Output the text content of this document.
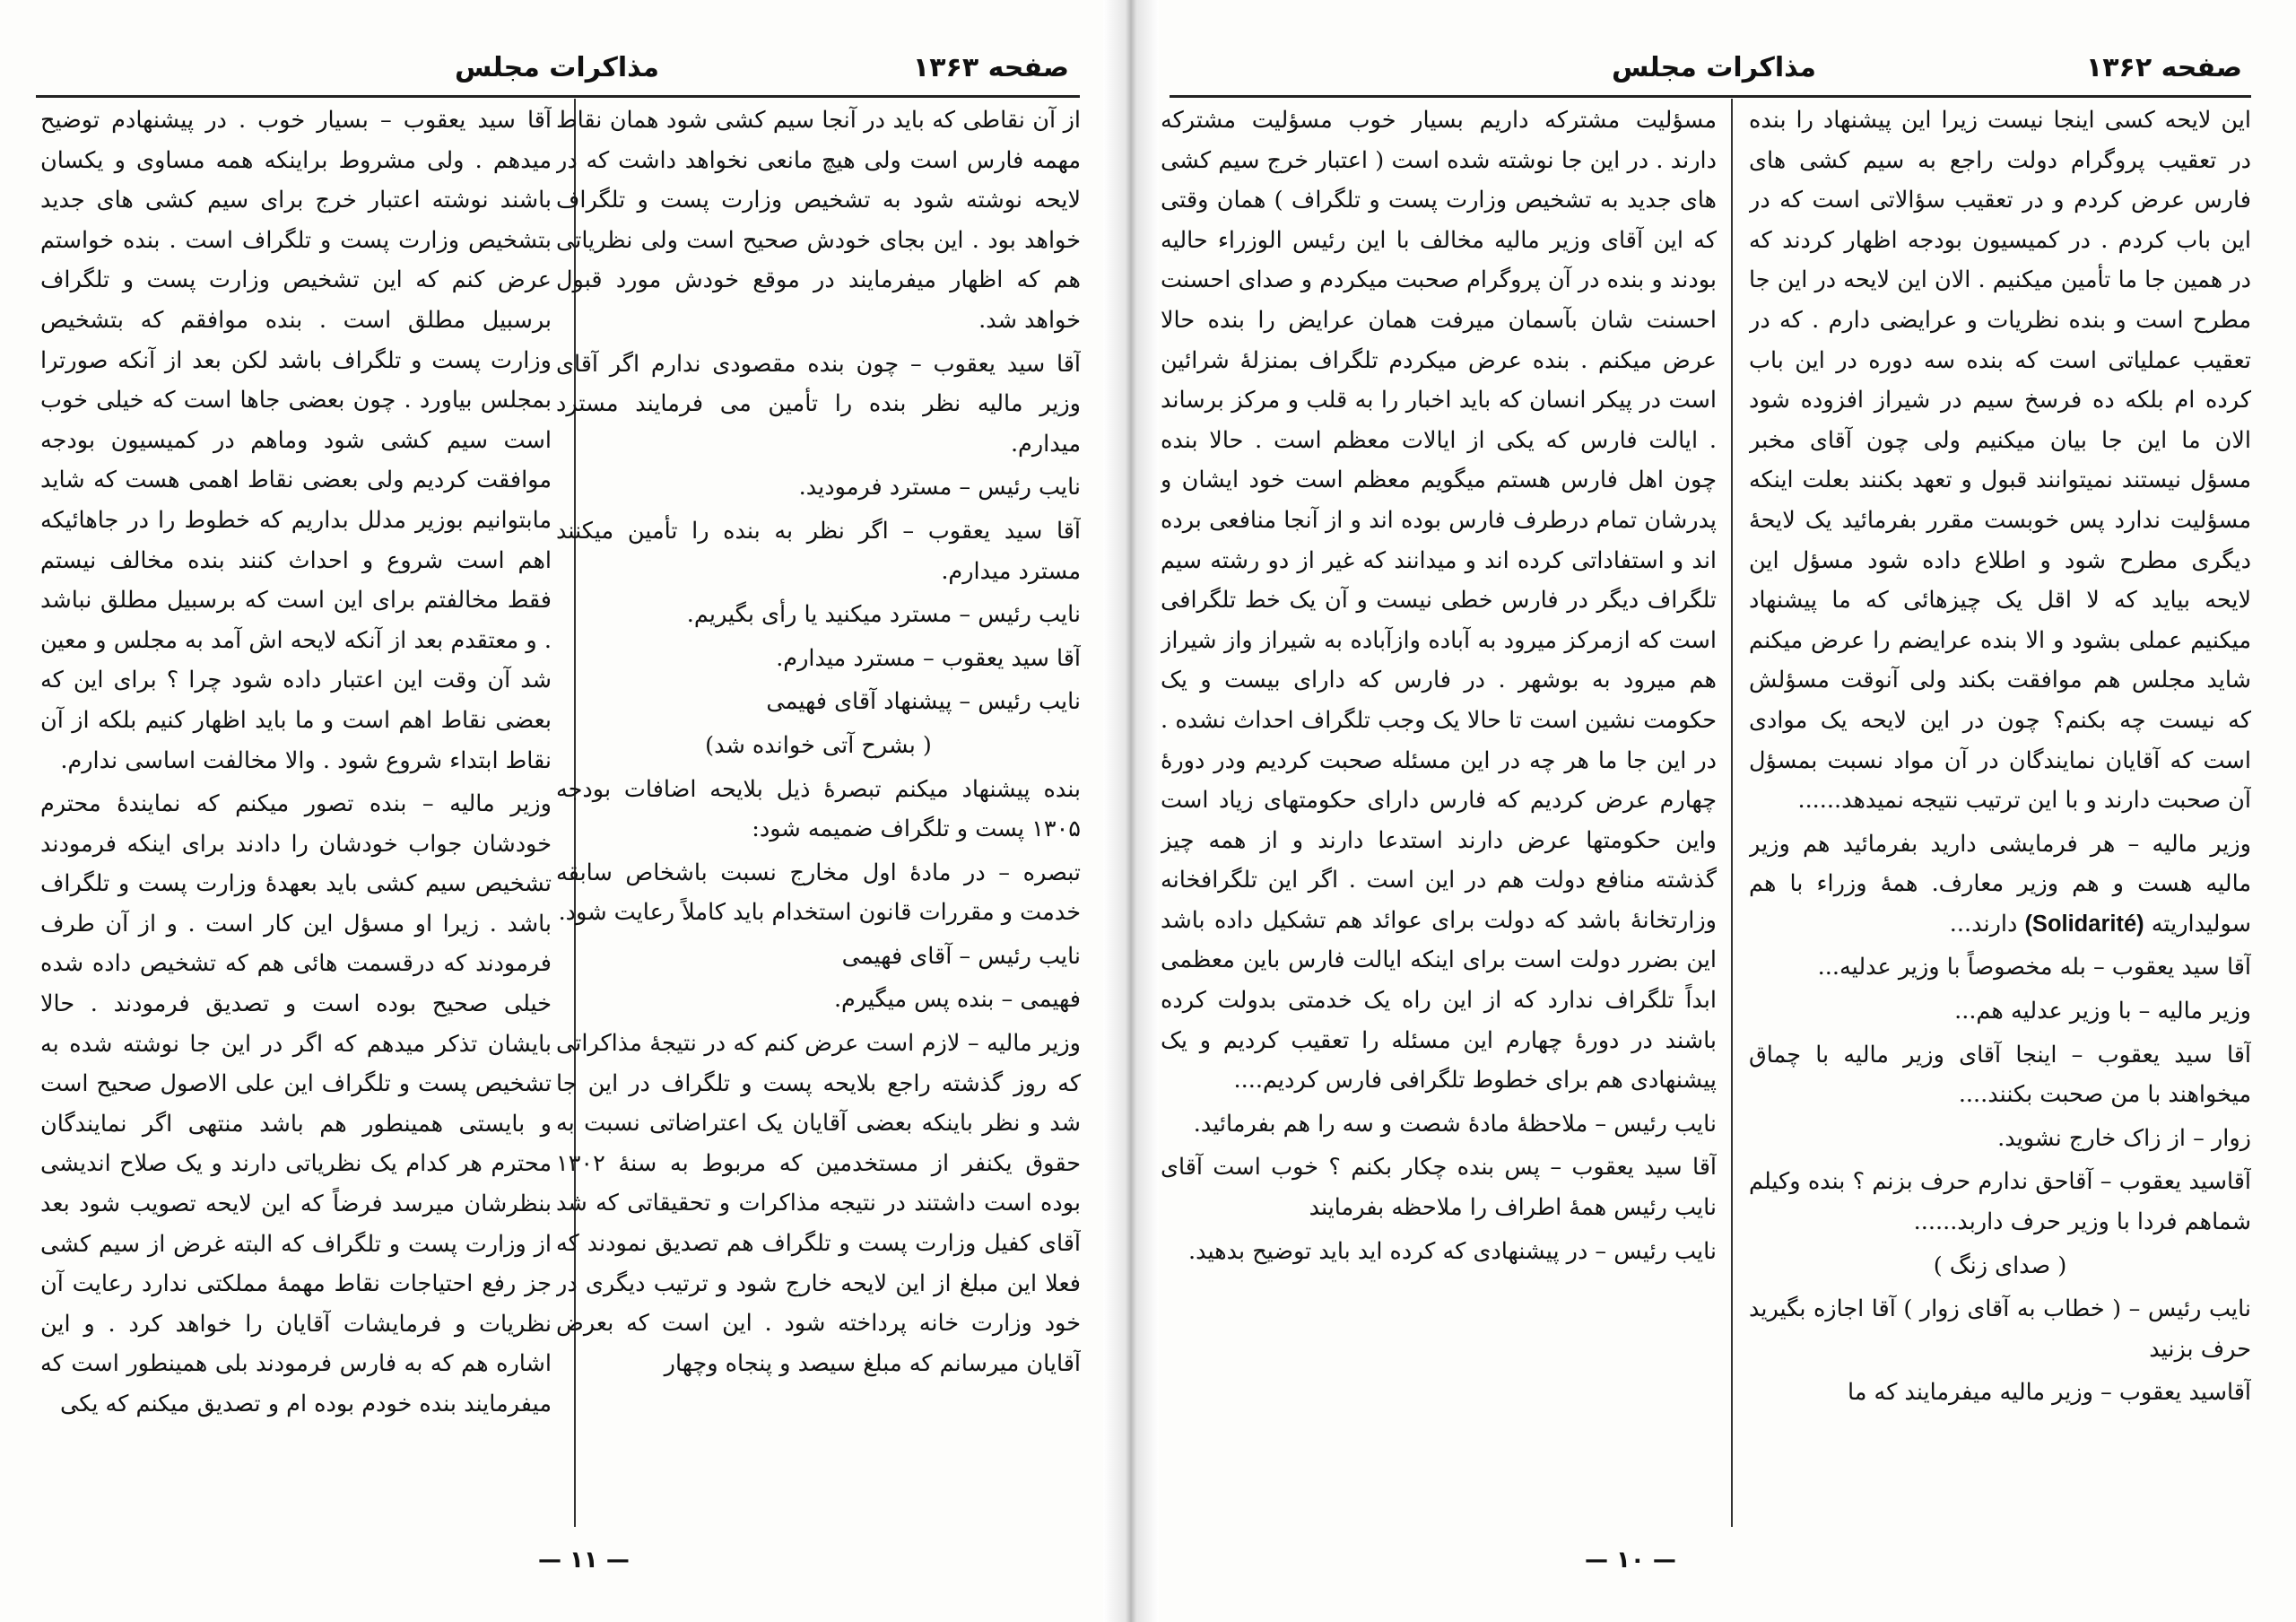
صفحه ۱۳۶۳
مذاکرات مجلس

از آن نقاطی که باید در آنجا سیم کشی شود همان نقاط مهمه فارس است ولی هیچ مانعی نخواهد داشت که در لایحه نوشته شود به تشخیص وزارت پست و تلگراف خواهد بود . این بجای خودش صحیح است ولی نظریاتی هم که اظهار میفرمایند در موقع خودش مورد قبول خواهد شد.

آقا سید یعقوب – چون بنده مقصودی ندارم اگر آقای وزیر مالیه نظر بنده را تأمین می فرمایند مسترد میدارم.

نایب رئیس – مسترد فرمودید.

آقا سید یعقوب – اگر نظر به بنده را تأمین میکنند مسترد میدارم.

نایب رئیس – مسترد میکنید یا رأی بگیریم.

آقا سید یعقوب – مسترد میدارم.

نایب رئیس – پیشنهاد آقای فهیمی

( بشرح آتی خوانده شد)

بنده پیشنهاد میکنم تبصرهٔ ذیل بلایحه اضافات بودجه ۱۳۰۵ پست و تلگراف ضمیمه شود:

تبصره – در مادهٔ اول مخارج نسبت باشخاص سابقه خدمت و مقررات قانون استخدام باید کاملاً رعایت شود.

نایب رئیس – آقای فهیمی

فهیمی – بنده پس میگیرم.

وزیر مالیه – لازم است عرض کنم که در نتیجهٔ مذاکراتی که روز گذشته راجع بلایحه پست و تلگراف در این جا شد و نظر باینکه بعضی آقایان یک اعتراضاتی نسبت به حقوق یکنفر از مستخدمین که مربوط به سنهٔ ۱۳۰۲ بوده است داشتند در نتیجه مذاکرات و تحقیقاتی که شد آقای کفیل وزارت پست و تلگراف هم تصدیق نمودند که فعلا این مبلغ از این لایحه خارج شود و ترتیب دیگری در خود وزارت خانه پرداخته شود . این است که بعرض آقایان میرسانم که مبلغ سیصد و پنجاه وچهار

آقا سید یعقوب – بسیار خوب . در پیشنهادم توضیح میدهم . ولی مشروط براینکه همه مساوی و یکسان باشند نوشته اعتبار خرج برای سیم کشی های جدید بتشخیص وزارت پست و تلگراف است . بنده خواستم عرض کنم که این تشخیص وزارت پست و تلگراف برسبیل مطلق است . بنده موافقم که بتشخیص وزارت پست و تلگراف باشد لکن بعد از آنکه صورترا بمجلس بیاورد . چون بعضی جاها است که خیلی خوب است سیم کشی شود وماهم در کمیسیون بودجه موافقت کردیم ولی بعضی نقاط اهمی هست که شاید مابتوانیم بوزیر مدلل بداریم که خطوط را در جاهائیکه اهم است شروع و احداث کنند بنده مخالف نیستم فقط مخالفتم برای این است که برسبیل مطلق نباشد . و معتقدم بعد از آنکه لایحه اش آمد به مجلس و معین شد آن وقت این اعتبار داده شود چرا ؟ برای این که بعضی نقاط اهم است و ما باید اظهار کنیم بلکه از آن نقاط ابتداء شروع شود . والا مخالفت اساسی ندارم.

وزیر مالیه – بنده تصور میکنم که نمایندهٔ محترم خودشان جواب خودشان را دادند برای اینکه فرمودند تشخیص سیم کشی باید بعهدهٔ وزارت پست و تلگراف باشد . زیرا او مسؤل این کار است . و از آن طرف فرمودند که درقسمت هائی هم که تشخیص داده شده خیلی صحیح بوده است و تصدیق فرمودند . حالا بایشان تذکر میدهم که اگر در این جا نوشته شده به تشخیص پست و تلگراف این علی الاصول صحیح است و بایستی همینطور هم باشد منتهی اگر نمایندگان محترم هر کدام یک نظریاتی دارند و یک صلاح اندیشی بنظرشان میرسد فرضاً که این لایحه تصویب شود بعد از وزارت پست و تلگراف که البته غرض از سیم کشی جز رفع احتیاجات نقاط مهمهٔ مملکتی ندارد رعایت آن نظریات و فرمایشات آقایان را خواهد کرد . و این اشاره هم که به فارس فرمودند بلی همینطور است که میفرمایند بنده خودم بوده ام و تصدیق میکنم که یکی

— ۱۱ —
صفحه ۱۳۶۲
مذاکرات مجلس

این لایحه کسی اینجا نیست زیرا این پیشنهاد را بنده در تعقیب پروگرام دولت راجع به سیم کشی های فارس عرض کردم و در تعقیب سؤالاتی است که در این باب کردم . در کمیسیون بودجه اظهار کردند که در همین جا ما تأمین میکنیم . الان این لایحه در این جا مطرح است و بنده نظریات و عرایضی دارم . که در تعقیب عملیاتی است که بنده سه دوره در این باب کرده ام بلکه ده فرسخ سیم در شیراز افزوده شود الان ما این جا بیان میکنیم ولی چون آقای مخبر مسؤل نیستند نمیتوانند قبول و تعهد بکنند بعلت اینکه مسؤلیت ندارد پس خوبست مقرر بفرمائید یک لایحهٔ دیگری مطرح شود و اطلاع داده شود مسؤل این لایحه بیاید که لا اقل یک چیزهائی که ما پیشنهاد میکنیم عملی بشود و الا بنده عرایضم را عرض میکنم شاید مجلس هم موافقت بکند ولی آنوقت مسؤلش که نیست چه بکنم؟ چون در این لایحه یک موادی است که آقایان نمایندگان در آن مواد نسبت بمسؤل آن صحبت دارند و با این ترتیب نتیجه نمیدهد......

وزیر مالیه – هر فرمایشی دارید بفرمائید هم وزیر مالیه هست و هم وزیر معارف. همهٔ وزراء با هم سولیداریته (Solidarité) دارند...

آقا سید یعقوب – بله مخصوصاً با وزیر عدلیه...

وزیر مالیه – با وزیر عدلیه هم...

آقا سید یعقوب – اینجا آقای وزیر مالیه با چماق میخواهند با من صحبت بکنند....

زوار – از زاک خارج نشوید.

آقاسید یعقوب – آقاحق ندارم حرف بزنم ؟ بنده وکیلم شماهم فردا با وزیر حرف داربد......

( صدای زنگ )

نایب رئیس – ( خطاب به آقای زوار ) آقا اجازه بگیرید حرف بزنید

آقاسید یعقوب – وزیر مالیه میفرمایند که ما

مسؤلیت مشترکه داریم بسیار خوب مسؤلیت مشترکه دارند . در این جا نوشته شده است ( اعتبار خرج سیم کشی های جدید به تشخیص وزارت پست و تلگراف ) همان وقتی که این آقای وزیر مالیه مخالف با این رئیس الوزراء حالیه بودند و بنده در آن پروگرام صحبت میکردم و صدای احسنت احسنت شان بآسمان میرفت همان عرایض را بنده حالا عرض میکنم . بنده عرض میکردم تلگراف بمنزلهٔ شرائین است در پیکر انسان که باید اخبار را به قلب و مرکز برساند . ایالت فارس که یکی از ایالات معظم است . حالا بنده چون اهل فارس هستم میگویم معظم است خود ایشان و پدرشان تمام درطرف فارس بوده اند و از آنجا منافعی برده اند و استفاداتی کرده اند و میدانند که غیر از دو رشته سیم تلگراف دیگر در فارس خطی نیست و آن یک خط تلگرافی است که ازمرکز میرود به آباده وازآباده به شیراز واز شیراز هم میرود به بوشهر . در فارس که دارای بیست و یک حکومت نشین است تا حالا یک وجب تلگراف احداث نشده . در این جا ما هر چه در این مسئله صحبت کردیم ودر دورهٔ چهارم عرض کردیم که فارس دارای حکومتهای زیاد است واین حکومتها عرض دارند استدعا دارند و از همه چیز گذشته منافع دولت هم در این است . اگر این تلگرافخانه وزارتخانهٔ باشد که دولت برای عوائد هم تشکیل داده باشد این بضرر دولت است برای اینکه ایالت فارس باین معظمی ابداً تلگراف ندارد که از این راه یک خدمتی بدولت کرده باشند در دورهٔ چهارم این مسئله را تعقیب کردیم و یک پیشنهادی هم برای خطوط تلگرافی فارس کردیم....

نایب رئیس – ملاحظهٔ مادهٔ شصت و سه را هم بفرمائید.

آقا سید یعقوب – پس بنده چکار بکنم ؟ خوب است آقای نایب رئیس همهٔ اطراف را ملاحظه بفرمایند

نایب رئیس – در پیشنهادی که کرده اید باید توضیح بدهید.

— ۱۰ —
